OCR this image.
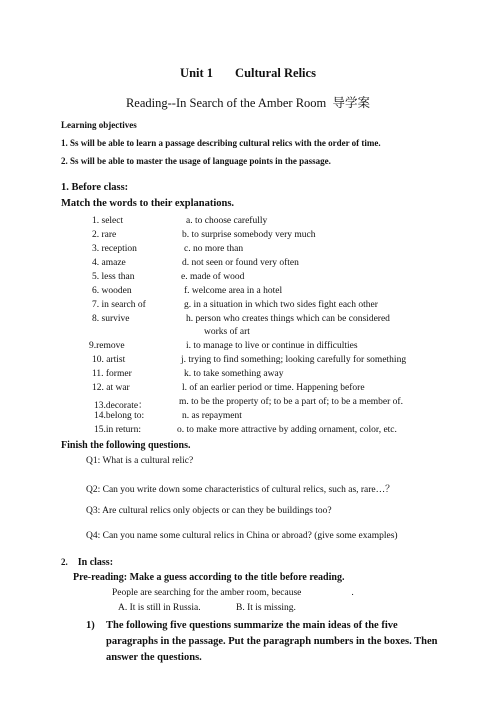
Unit 1 Cultural Relics
Reading--In Search of the Amber Room 导学案
Learning objectives
1. Ss will be able to learn a passage describing cultural relics with the order of time.
2. Ss will be able to master the usage of language points in the passage.
1. Before class:
Match the words to their explanations.
1. select	a. to choose carefully
2. rare	b. to surprise somebody very much
3. reception	c. no more than
4. amaze	d. not seen or found very often
5. less than	e. made of wood
6. wooden	f. welcome area in a hotel
7. in search of	g. in a situation in which two sides fight each other
8. survive	h. person who creates things which can be considered
works of art
9.remove	i. to manage to live or continue in difficulties
10. artist	j. trying to find something; looking carefully for something
11. former	k. to take something away
12. at war	l. of an earlier period or time. Happening before
13.decorate：	m. to be the property of; to be a part of; to be a member of.
14.belong to:	n. as repayment
15.in return:	o. to make more attractive by adding ornament, color, etc.
Finish the following questions.
Q1: What is a cultural relic?
Q2: Can you write down some characteristics of cultural relics, such as, rare…？
Q3: Are cultural relics only objects or can they be buildings too?
Q4: Can you name some cultural relics in China or abroad? (give some examples)
2. In class:
Pre-reading: Make a guess according to the title before reading.
People are searching for the amber room, because	.
A. It is still in Russia.	B. It is missing.
1) The following five questions summarize the main ideas of the five
paragraphs in the passage. Put the paragraph numbers in the boxes. Then
answer the questions.
